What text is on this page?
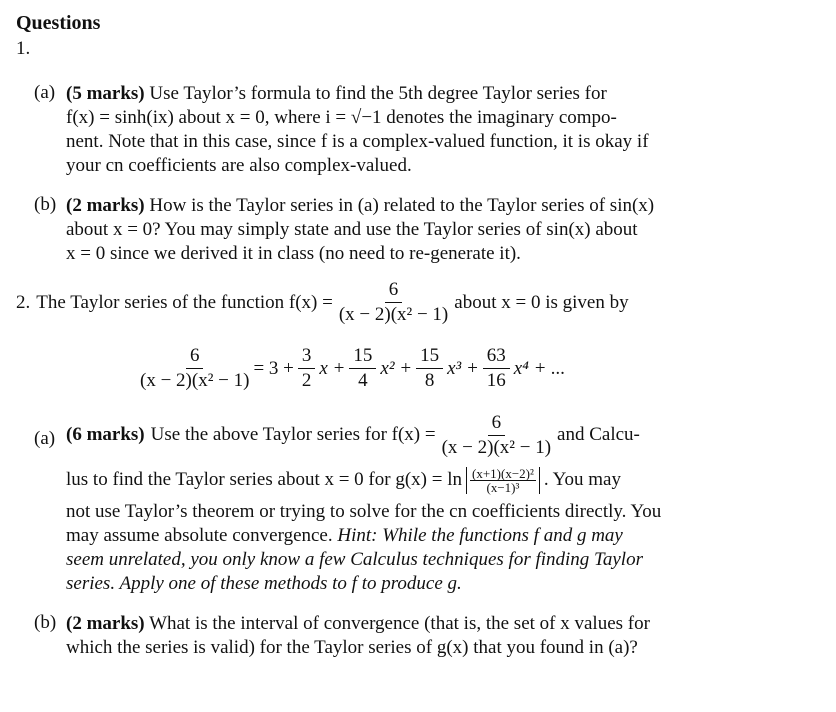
Questions
1.
(a) (5 marks) Use Taylor’s formula to find the 5th degree Taylor series for
f(x) = sinh(ix) about x = 0, where i = √−1 denotes the imaginary compo-
nent. Note that in this case, since f is a complex-valued function, it is okay if
your cn coefficients are also complex-valued.
(b) (2 marks) How is the Taylor series in (a) related to the Taylor series of sin(x)
about x = 0? You may simply state and use the Taylor series of sin(x) about
x = 0 since we derived it in class (no need to re-generate it).
2. The Taylor series of the function $f(x) = \frac{6}{\text{(x − 2)(x² − 1)}}$ about x = 0 is given by
$\frac{6}{\text{(x − 2)(x² − 1)}} = 3 + \frac{3}{2}$ $x + \frac{15}{4} x^2 + \frac{15}{8} x^3 + \frac{63}{16} x^4$ + ...
(a) (6 marks) Use the above Taylor series for $f(x) = \frac{6}{\text{(x − 2)(x² − 1)}}$ and Calcu-
lus to find the Taylor series about x = 0 for $g(x) = \ln \frac{\text{(x+1)(x−2)²}}{\text{(x−1)³}}$ . You may
not use Taylor’s theorem or trying to solve for the cn coefficients directly. You
may assume absolute convergence. Hint: While the functions f and g may
seem unrelated, you only know a few Calculus techniques for finding Taylor
series. Apply one of these methods to f to produce g.
(b) (2 marks) What is the interval of convergence (that is, the set of x values for
which the series is valid) for the Taylor series of g(x) that you found in (a)?
